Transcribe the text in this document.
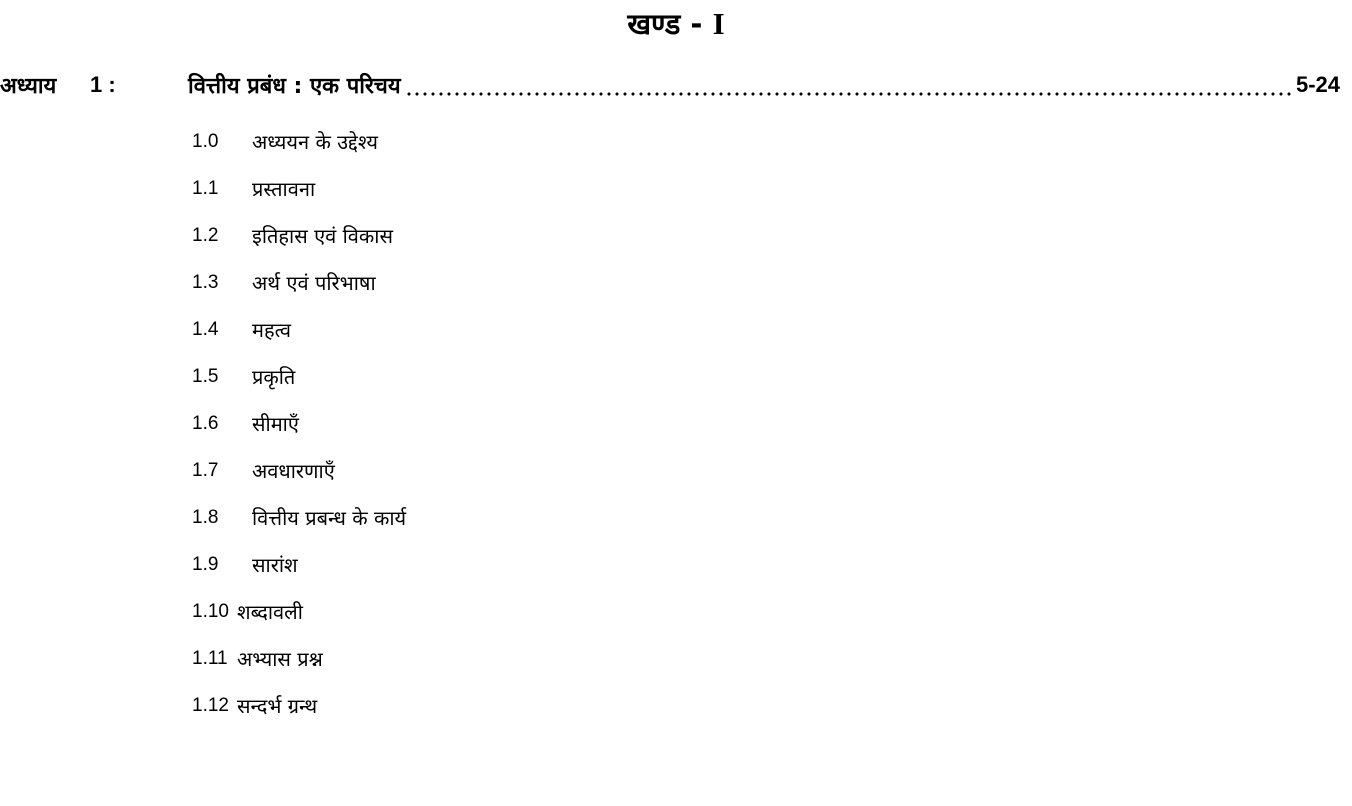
खण्ड - I
अध्याय	1 :	वित्तीय प्रबंध : एक परिचय	5-24
1.0	अध्ययन के उद्देश्य
1.1	प्रस्तावना
1.2	इतिहास एवं विकास
1.3	अर्थ एवं परिभाषा
1.4	महत्व
1.5	प्रकृति
1.6	सीमाएँ
1.7	अवधारणाएँ
1.8	वित्तीय प्रबन्ध के कार्य
1.9	सारांश
1.10 शब्दावली
1.11 अभ्यास प्रश्न
1.12 सन्दर्भ ग्रन्थ
